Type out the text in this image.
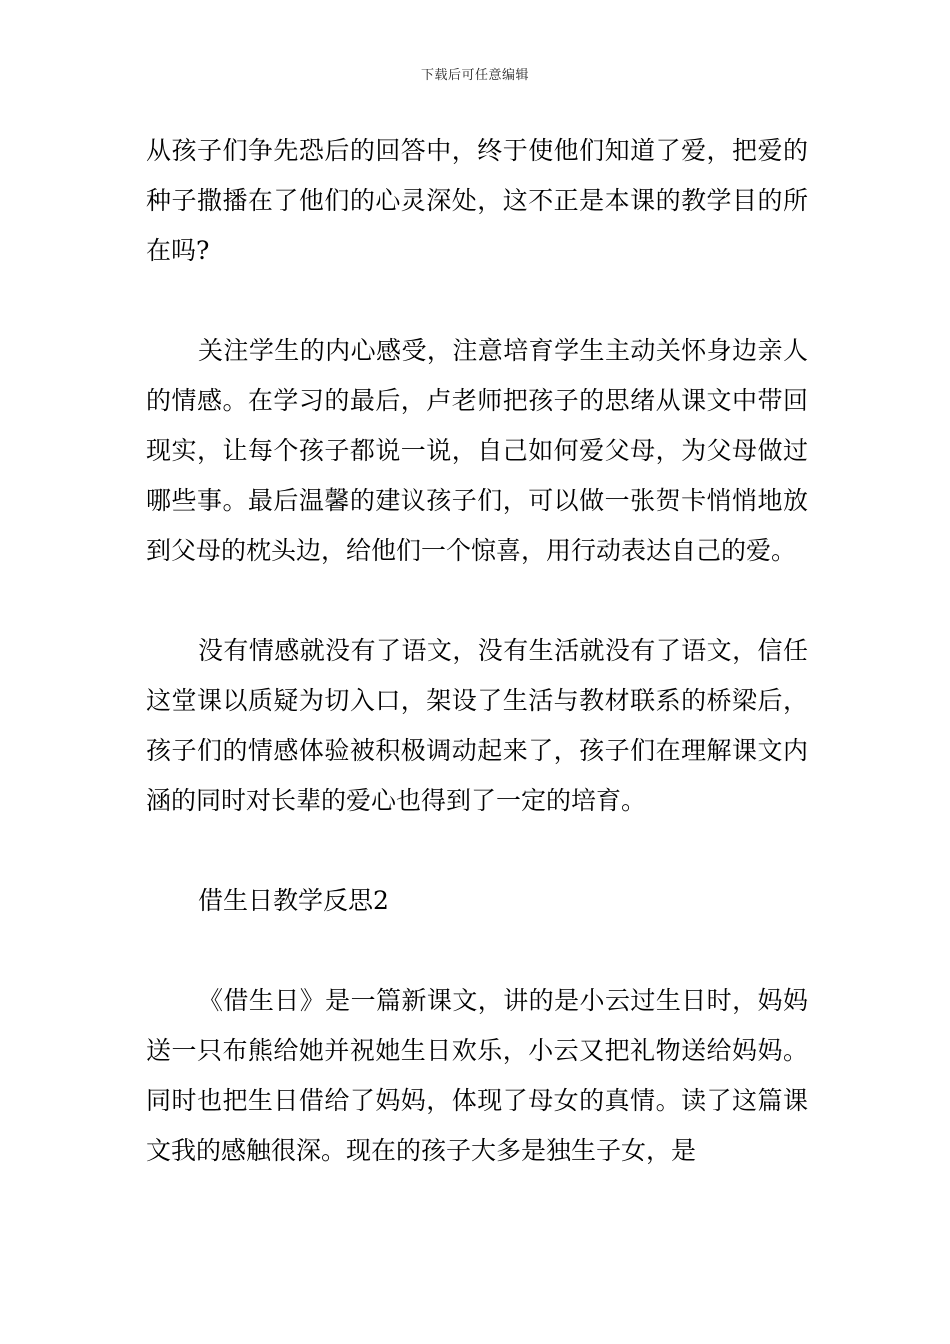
下载后可任意编辑

从孩子们争先恐后的回答中，终于使他们知道了爱，把爱的种子撒播在了他们的心灵深处，这不正是本课的教学目的所在吗?

关注学生的内心感受，注意培育学生主动关怀身边亲人的情感。在学习的最后，卢老师把孩子的思绪从课文中带回现实，让每个孩子都说一说，自己如何爱父母，为父母做过哪些事。最后温馨的建议孩子们，可以做一张贺卡悄悄地放到父母的枕头边，给他们一个惊喜，用行动表达自己的爱。

没有情感就没有了语文，没有生活就没有了语文，信任这堂课以质疑为切入口，架设了生活与教材联系的桥梁后，孩子们的情感体验被积极调动起来了，孩子们在理解课文内涵的同时对长辈的爱心也得到了一定的培育。

借生日教学反思2

《借生日》是一篇新课文，讲的是小云过生日时，妈妈送一只布熊给她并祝她生日欢乐，小云又把礼物送给妈妈。同时也把生日借给了妈妈，体现了母女的真情。读了这篇课文我的感触很深。现在的孩子大多是独生子女，是
